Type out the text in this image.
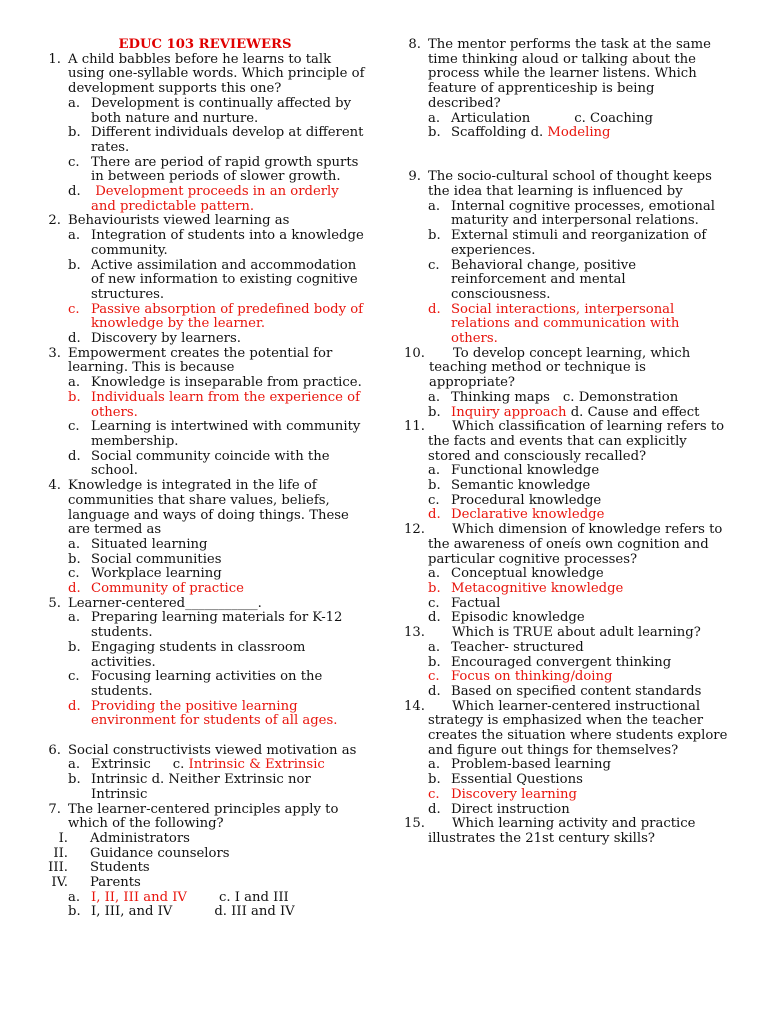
EDUC 103 REVIEWERS
1. A child babbles before he learns to talk using one-syllable words. Which principle of development supports this one?
a. Development is continually affected by both nature and nurture.
b. Different individuals develop at different rates.
c. There are period of rapid growth spurts in between periods of slower growth.
d. Development proceeds in an orderly and predictable pattern.
2. Behaviourists viewed learning as
a. Integration of students into a knowledge community.
b. Active assimilation and accommodation of new information to existing cognitive structures.
c. Passive absorption of predefined body of knowledge by the learner.
d. Discovery by learners.
3. Empowerment creates the potential for learning. This is because
a. Knowledge is inseparable from practice.
b. Individuals learn from the experience of others.
c. Learning is intertwined with community membership.
d. Social community coincide with the school.
4. Knowledge is integrated in the life of communities that share values, beliefs, language and ways of doing things. These are termed as
a. Situated learning
b. Social communities
c. Workplace learning
d. Community of practice
5. Learner-centered___________.
a. Preparing learning materials for K-12 students.
b. Engaging students in classroom activities.
c. Focusing learning activities on the students.
d. Providing the positive learning environment for students of all ages.
6. Social constructivists viewed motivation as
a. Extrinsic c. Intrinsic & Extrinsic
b. Intrinsic d. Neither Extrinsic nor Intrinsic
7. The learner-centered principles apply to which of the following?
I.	Administrators
II.	Guidance counselors
III.	Students
IV.	Parents
a. I, II, III and IV c. I and III
b. I, III, and IV	d. III and IV
8. The mentor performs the task at the same time thinking aloud or talking about the process while the learner listens. Which feature of apprenticeship is being described?
a. Articulation	c. Coaching
b. Scaffolding d. Modeling
9. The socio-cultural school of thought keeps the idea that learning is influenced by
a. Internal cognitive processes, emotional maturity and interpersonal relations.
b. External stimuli and reorganization of experiences.
c. Behavioral change, positive reinforcement and mental consciousness.
d. Social interactions, interpersonal relations and communication with others.
10.	To develop concept learning, which teaching method or technique is appropriate?
a. Thinking maps c. Demonstration
b. Inquiry approach d. Cause and effect
11.	Which classification of learning refers to the facts and events that can explicitly stored and consciously recalled?
a. Functional knowledge
b. Semantic knowledge
c. Procedural knowledge
d. Declarative knowledge
12.	Which dimension of knowledge refers to the awareness of oneís own cognition and particular cognitive processes?
a. Conceptual knowledge
b. Metacognitive knowledge
c. Factual
d. Episodic knowledge
13.	Which is TRUE about adult learning?
a. Teacher- structured
b. Encouraged convergent thinking
c. Focus on thinking/doing
d. Based on specified content standards
14.	Which learner-centered instructional strategy is emphasized when the teacher creates the situation where students explore and figure out things for themselves?
a. Problem-based learning
b. Essential Questions
c. Discovery learning
d. Direct instruction
15.	Which learning activity and practice illustrates the 21st century skills?
